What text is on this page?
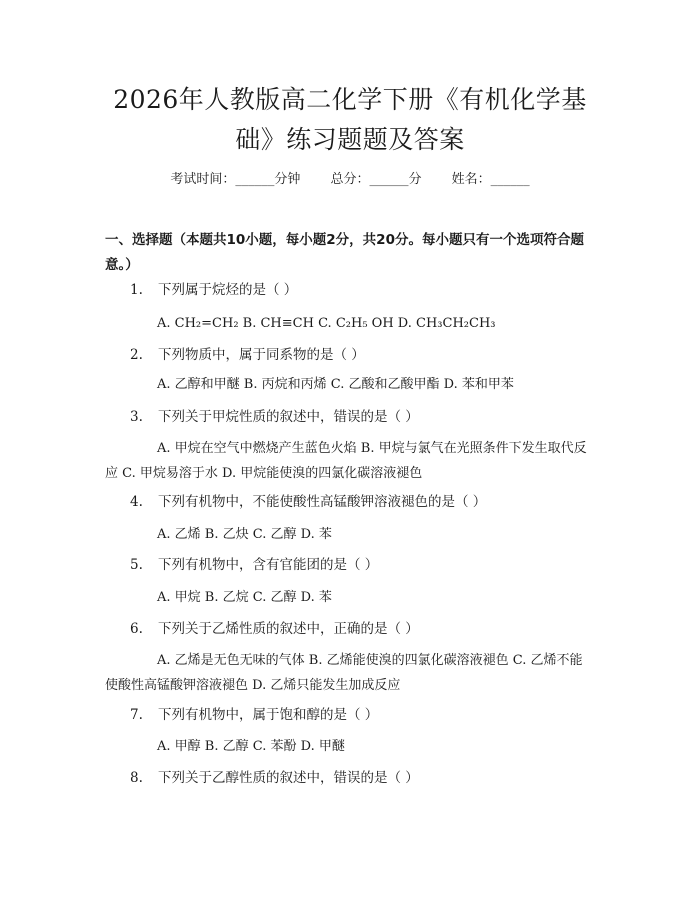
2026年人教版高二化学下册《有机化学基
础》练习题题及答案
考试时间：______分钟 总分：______分 姓名：______
一、选择题（本题共10小题，每小题2分，共20分。每小题只有一个选项符合题意。）
1. 下列属于烷烃的是（ ）
A. CH₂=CH₂ B. CH≡CH C. C₂H₅ OH D. CH₃CH₂CH₃
2. 下列物质中，属于同系物的是（ ）
A. 乙醇和甲醚 B. 丙烷和丙烯 C. 乙酸和乙酸甲酯 D. 苯和甲苯
3. 下列关于甲烷性质的叙述中，错误的是（ ）
A. 甲烷在空气中燃烧产生蓝色火焰 B. 甲烷与氯气在光照条件下发生取代反应 C. 甲烷易溶于水 D. 甲烷能使溴的四氯化碳溶液褪色
4. 下列有机物中，不能使酸性高锰酸钾溶液褪色的是（ ）
A. 乙烯 B. 乙炔 C. 乙醇 D. 苯
5. 下列有机物中，含有官能团的是（ ）
A. 甲烷 B. 乙烷 C. 乙醇 D. 苯
6. 下列关于乙烯性质的叙述中，正确的是（ ）
A. 乙烯是无色无味的气体 B. 乙烯能使溴的四氯化碳溶液褪色 C. 乙烯不能使酸性高锰酸钾溶液褪色 D. 乙烯只能发生加成反应
7. 下列有机物中，属于饱和醇的是（ ）
A. 甲醇 B. 乙醇 C. 苯酚 D. 甲醚
8. 下列关于乙醇性质的叙述中，错误的是（ ）
